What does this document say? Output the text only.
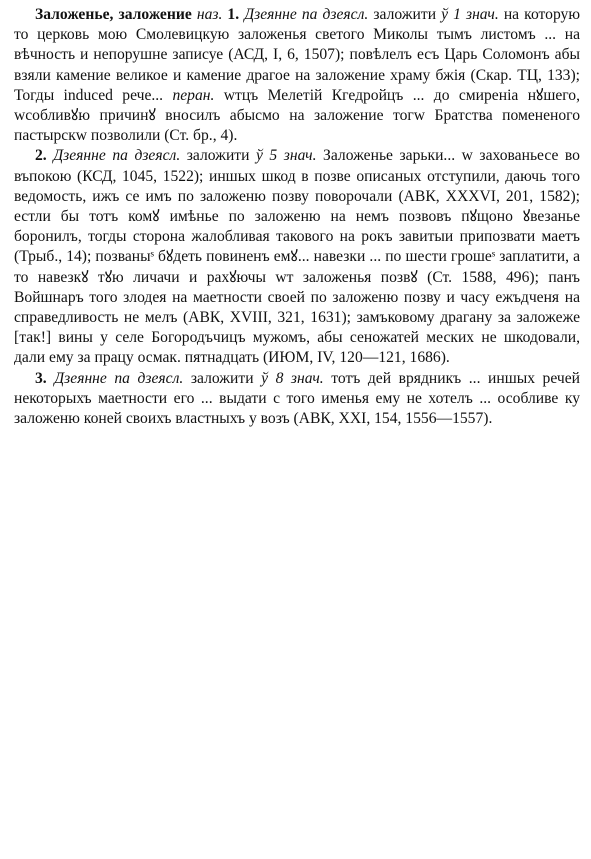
Заложенье, заложение наз. 1. Дзеянне па дзеясл. заложити ў 1 знач. на которую то церковь мою Смолевицкую заложенья светого Миколы тымъ листомъ ... на вѣчность и непорушне записуе (АСД, I, 6, 1507); повѣлелъ есъ Царь Соломонъ абы взяли камение великое и камение драгое на заложение храму бжія (Скар. ТЦ, 133); Тогды induced рече... перан. wтцъ Мелетій Кгедройцъ ... до смиреніа нꙋшего, wсобливꙋю причинꙋ вносилъ абысмо на заложение тогw Братства помененого пастырскw позволили (Ст. бр., 4).

2. Дзеянне па дзеясл. заложити ў 5 знач. Заложенье зарьки... w захованьесе во въпокою (КСД, 1045, 1522); иншых шкод в позве описаных отступили, даючь того ведомость, ижъ се имъ по заложеню позву поворочали (АВК, XXXVI, 201, 1582); естли бы тотъ комꙋ имѣнье по заложеню на немъ позвовъ пꙋщоно ꙋвезанье боронилъ, тогды сторона жалобливая такового на рокъ завитыи припозвати маетъ (Трыб., 14); позваныˢ бꙋдеть повиненъ емꙋ... навезки ... по шести грошеˢ заплатити, а то навезкꙋ тꙋю личачи и рахꙋючы wт заложенья позвꙋ (Ст. 1588, 496); панъ Войшнаръ того злодея на маетности своей по заложеню позву и часу ежъдченя на справедливость не мелъ (АВК, XVIII, 321, 1631); замъковому драгану за заложеже [так!] вины у селе Богородъчицъ мужомъ, абы сеножатей меских не шкодовали, дали ему за працу осмак. пятнадцать (ИЮМ, IV, 120—121, 1686).

3. Дзеянне па дзеясл. заложити ў 8 знач. тотъ дей врядникъ ... иншых речей некоторыхъ маетности его ... выдати с того именья ему не хотелъ ... особливе ку заложеню коней своихъ властныхъ у возъ (АВК, XXI, 154, 1556—1557).
